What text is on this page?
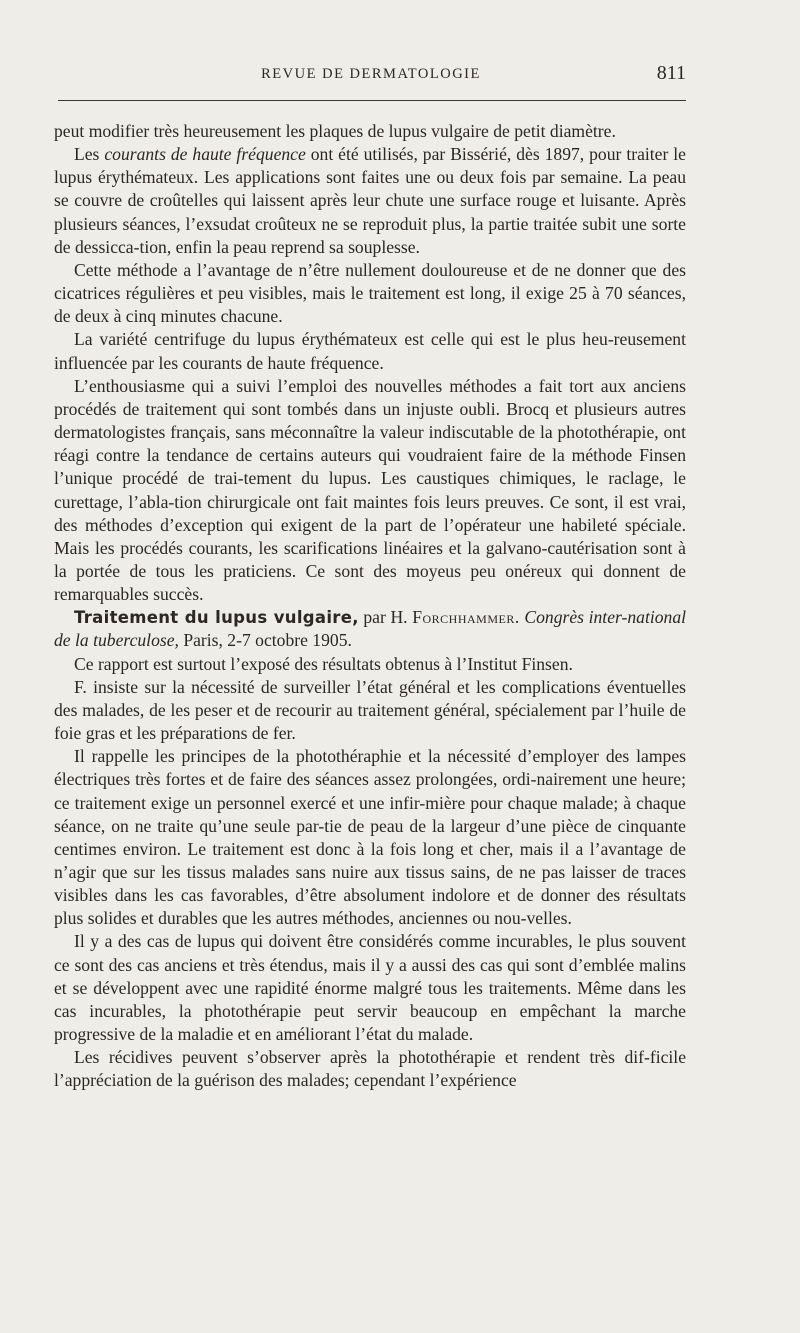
REVUE DE DERMATOLOGIE	811

peut modifier très heureusement les plaques de lupus vulgaire de petit diamètre.

Les courants de haute fréquence ont été utilisés, par Bissérié, dès 1897, pour traiter le lupus érythémateux. Les applications sont faites une ou deux fois par semaine. La peau se couvre de croûtelles qui laissent après leur chute une surface rouge et luisante. Après plusieurs séances, l’exsudat croûteux ne se reproduit plus, la partie traitée subit une sorte de dessicca-tion, enfin la peau reprend sa souplesse.

Cette méthode a l’avantage de n’être nullement douloureuse et de ne donner que des cicatrices régulières et peu visibles, mais le traitement est long, il exige 25 à 70 séances, de deux à cinq minutes chacune.

La variété centrifuge du lupus érythémateux est celle qui est le plus heu-reusement influencée par les courants de haute fréquence.

L’enthousiasme qui a suivi l’emploi des nouvelles méthodes a fait tort aux anciens procédés de traitement qui sont tombés dans un injuste oubli. Brocq et plusieurs autres dermatologistes français, sans méconnaître la valeur indiscutable de la photothérapie, ont réagi contre la tendance de certains auteurs qui voudraient faire de la méthode Finsen l’unique procédé de trai-tement du lupus. Les caustiques chimiques, le raclage, le curettage, l’abla-tion chirurgicale ont fait maintes fois leurs preuves. Ce sont, il est vrai, des méthodes d’exception qui exigent de la part de l’opérateur une habileté spéciale. Mais les procédés courants, les scarifications linéaires et la galvano-cautérisation sont à la portée de tous les praticiens. Ce sont des moyeus peu onéreux qui donnent de remarquables succès.

Traitement du lupus vulgaire, par H. Forchhammer. Congrès inter-national de la tuberculose, Paris, 2-7 octobre 1905.

Ce rapport est surtout l’exposé des résultats obtenus à l’Institut Finsen.

F. insiste sur la nécessité de surveiller l’état général et les complications éventuelles des malades, de les peser et de recourir au traitement général, spécialement par l’huile de foie gras et les préparations de fer.

Il rappelle les principes de la photothéraphie et la nécessité d’employer des lampes électriques très fortes et de faire des séances assez prolongées, ordi-nairement une heure; ce traitement exige un personnel exercé et une infir-mière pour chaque malade; à chaque séance, on ne traite qu’une seule par-tie de peau de la largeur d’une pièce de cinquante centimes environ. Le traitement est donc à la fois long et cher, mais il a l’avantage de n’agir que sur les tissus malades sans nuire aux tissus sains, de ne pas laisser de traces visibles dans les cas favorables, d’être absolument indolore et de donner des résultats plus solides et durables que les autres méthodes, anciennes ou nou-velles.

Il y a des cas de lupus qui doivent être considérés comme incurables, le plus souvent ce sont des cas anciens et très étendus, mais il y a aussi des cas qui sont d’emblée malins et se développent avec une rapidité énorme malgré tous les traitements. Même dans les cas incurables, la photothérapie peut servir beaucoup en empêchant la marche progressive de la maladie et en améliorant l’état du malade.

Les récidives peuvent s’observer après la photothérapie et rendent très dif-ficile l’appréciation de la guérison des malades; cependant l’expérience
